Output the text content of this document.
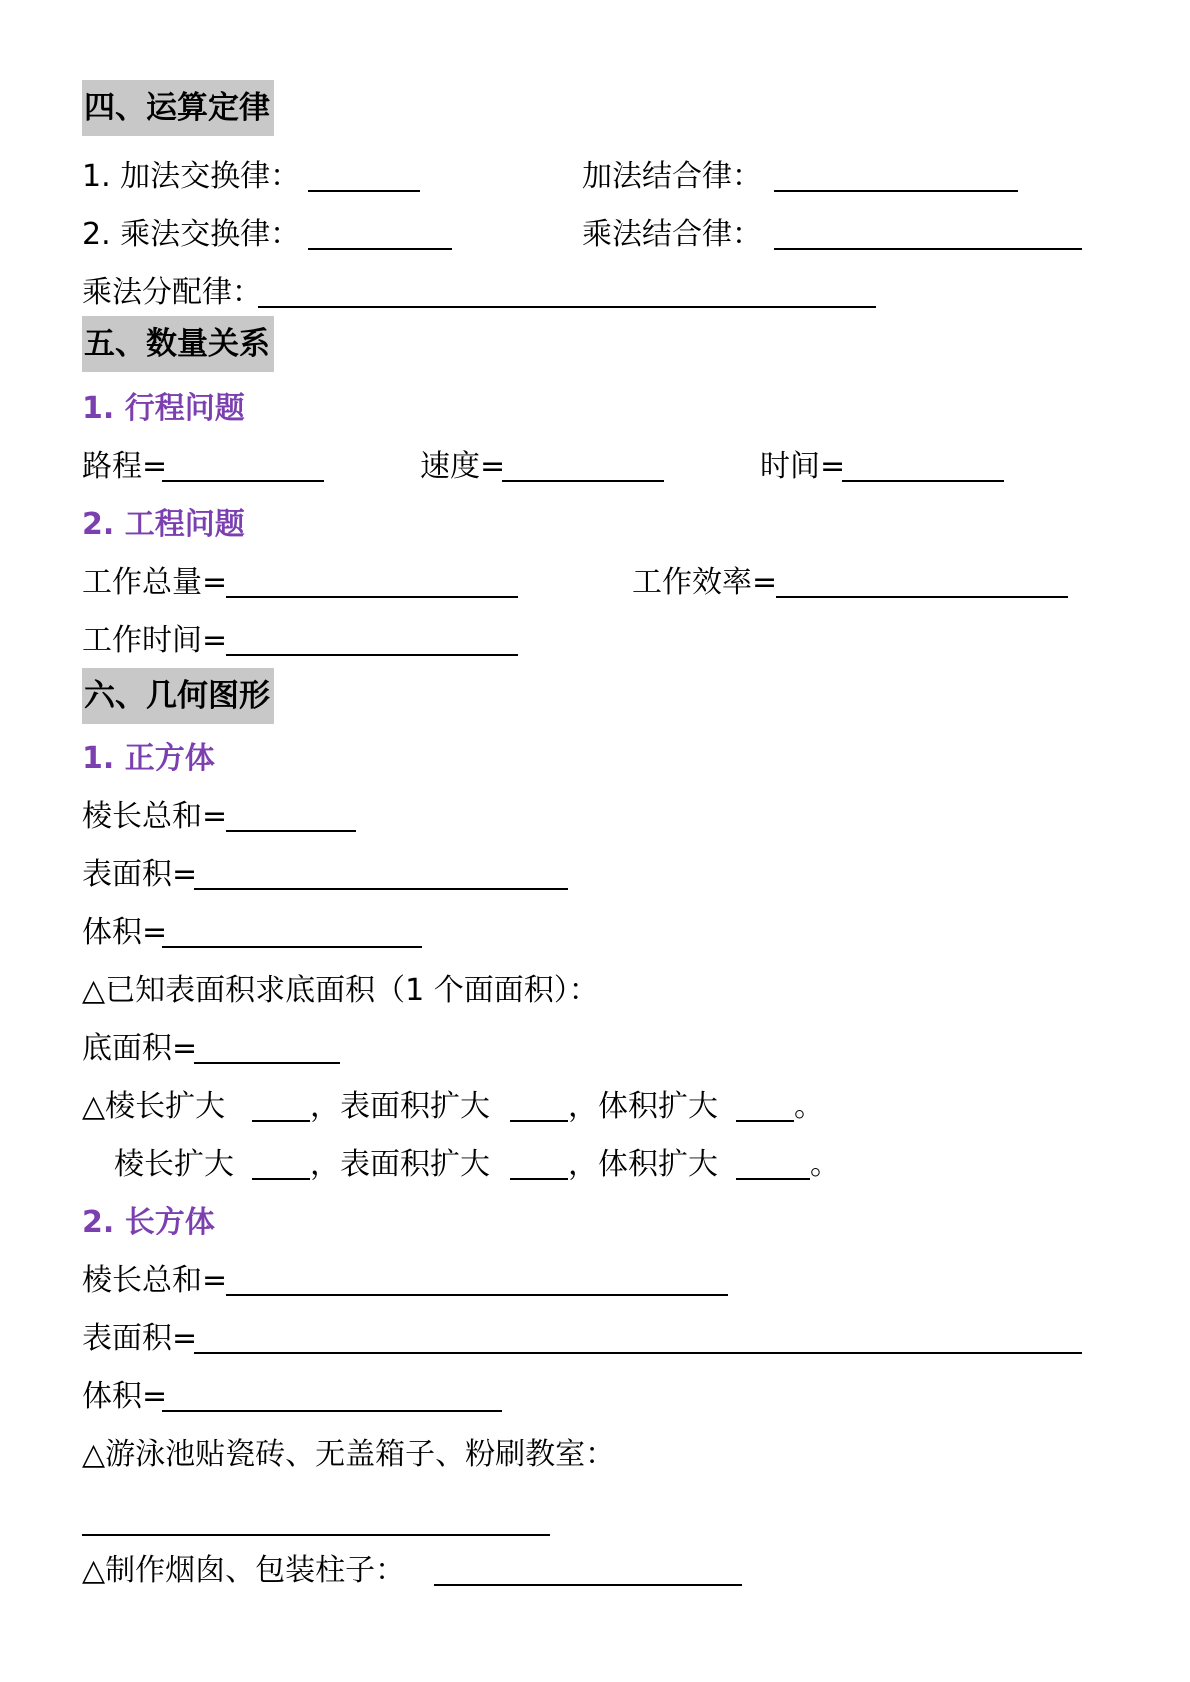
四、运算定律
1. 加法交换律：	加法结合律：
2. 乘法交换律：	乘法结合律：
乘法分配律：
五、数量关系
1. 行程问题
路程=	速度=	时间=
2. 工程问题
工作总量=	工作效率=
工作时间=
六、几何图形
1. 正方体
棱长总和=
表面积=
体积=
△已知表面积求底面积（1 个面面积）：
底面积=
△棱长扩大	，表面积扩大	，体积扩大	。
棱长扩大	，表面积扩大	，体积扩大	。
2. 长方体
棱长总和=
表面积=
体积=
△游泳池贴瓷砖、无盖箱子、粉刷教室：
△制作烟囱、包装柱子：
